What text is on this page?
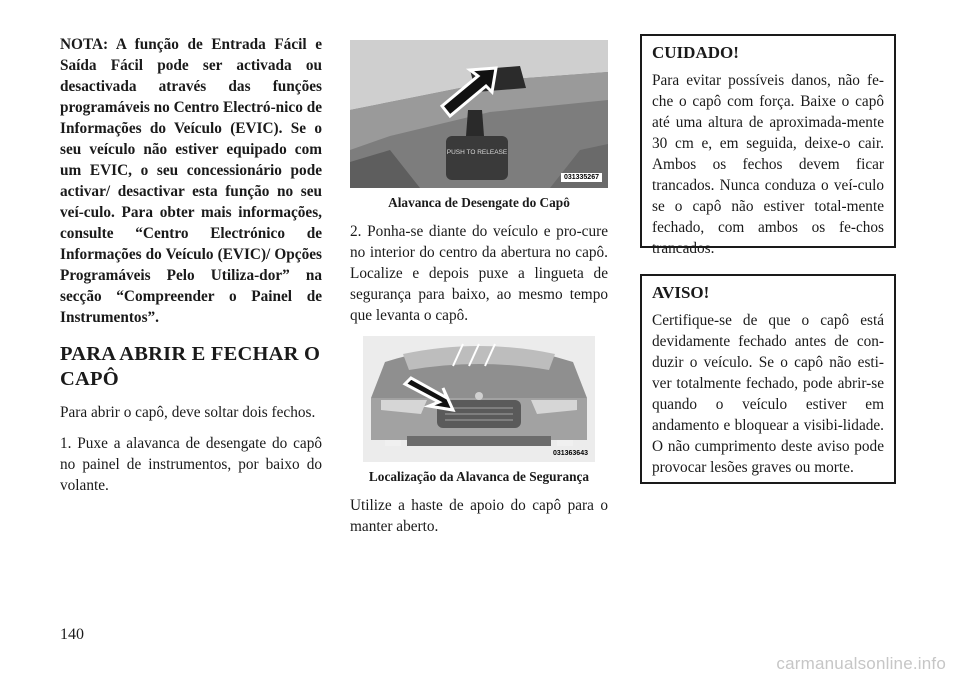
NOTA: A função de Entrada Fácil e Saída Fácil pode ser activada ou desactivada através das funções programáveis no Centro Electró-nico de Informações do Veículo (EVIC). Se o seu veículo não estiver equipado com um EVIC, o seu concessionário pode activar/ desactivar esta função no seu veí-culo. Para obter mais informações, consulte “Centro Electrónico de Informações do Veículo (EVIC)/ Opções Programáveis Pelo Utiliza-dor” na secção “Compreender o Painel de Instrumentos”.

PARA ABRIR E FECHAR O CAPÔ

Para abrir o capô, deve soltar dois fechos.

1. Puxe a alavanca de desengate do capô no painel de instrumentos, por baixo do volante.

PUSH TO RELEASE
031335267
Alavanca de Desengate do Capô

2. Ponha-se diante do veículo e pro-cure no interior do centro da abertura no capô. Localize e depois puxe a lingueta de segurança para baixo, ao mesmo tempo que levanta o capô.

031363643
Localização da Alavanca de Segurança

Utilize a haste de apoio do capô para o manter aberto.

CUIDADO!

Para evitar possíveis danos, não fe-che o capô com força. Baixe o capô até uma altura de aproximada-mente 30 cm e, em seguida, deixe-o cair. Ambos os fechos devem ficar trancados. Nunca conduza o veí-culo se o capô não estiver total-mente fechado, com ambos os fe-chos trancados.

AVISO!

Certifique-se de que o capô está devidamente fechado antes de con-duzir o veículo. Se o capô não esti-ver totalmente fechado, pode abrir-se quando o veículo estiver em andamento e bloquear a visibi-lidade. O não cumprimento deste aviso pode provocar lesões graves ou morte.

140
carmanualsonline.info
